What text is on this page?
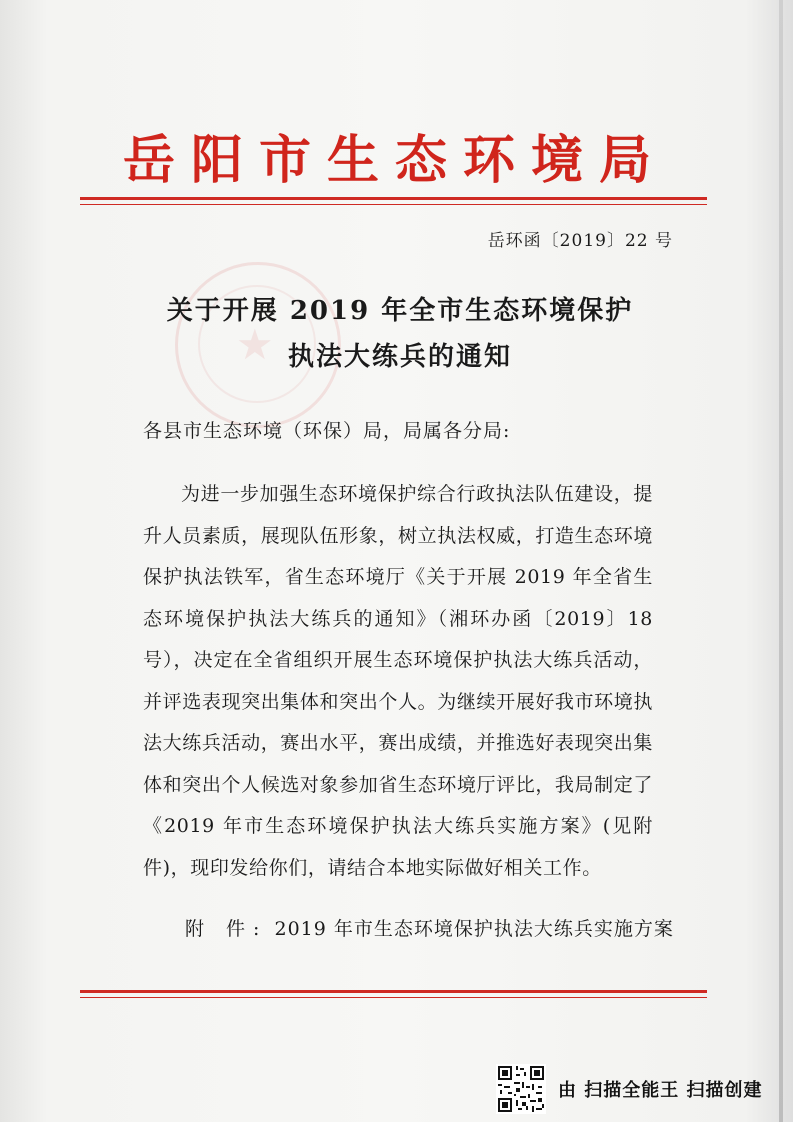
岳阳市生态环境局
岳环函〔2019〕22 号
★
关于开展 2019 年全市生态环境保护
执法大练兵的通知
各县市生态环境（环保）局，局属各分局:
为进一步加强生态环境保护综合行政执法队伍建设，提升人员素质，展现队伍形象，树立执法权威，打造生态环境保护执法铁军，省生态环境厅《关于开展 2019 年全省生态环境保护执法大练兵的通知》（湘环办函〔2019〕18 号），决定在全省组织开展生态环境保护执法大练兵活动，并评选表现突出集体和突出个人。为继续开展好我市环境执法大练兵活动，赛出水平，赛出成绩，并推选好表现突出集体和突出个人候选对象参加省生态环境厅评比，我局制定了《2019 年市生态环境保护执法大练兵实施方案》(见附件)，现印发给你们，请结合本地实际做好相关工作。
附 件: 2019 年市生态环境保护执法大练兵实施方案
由 扫描全能王 扫描创建
